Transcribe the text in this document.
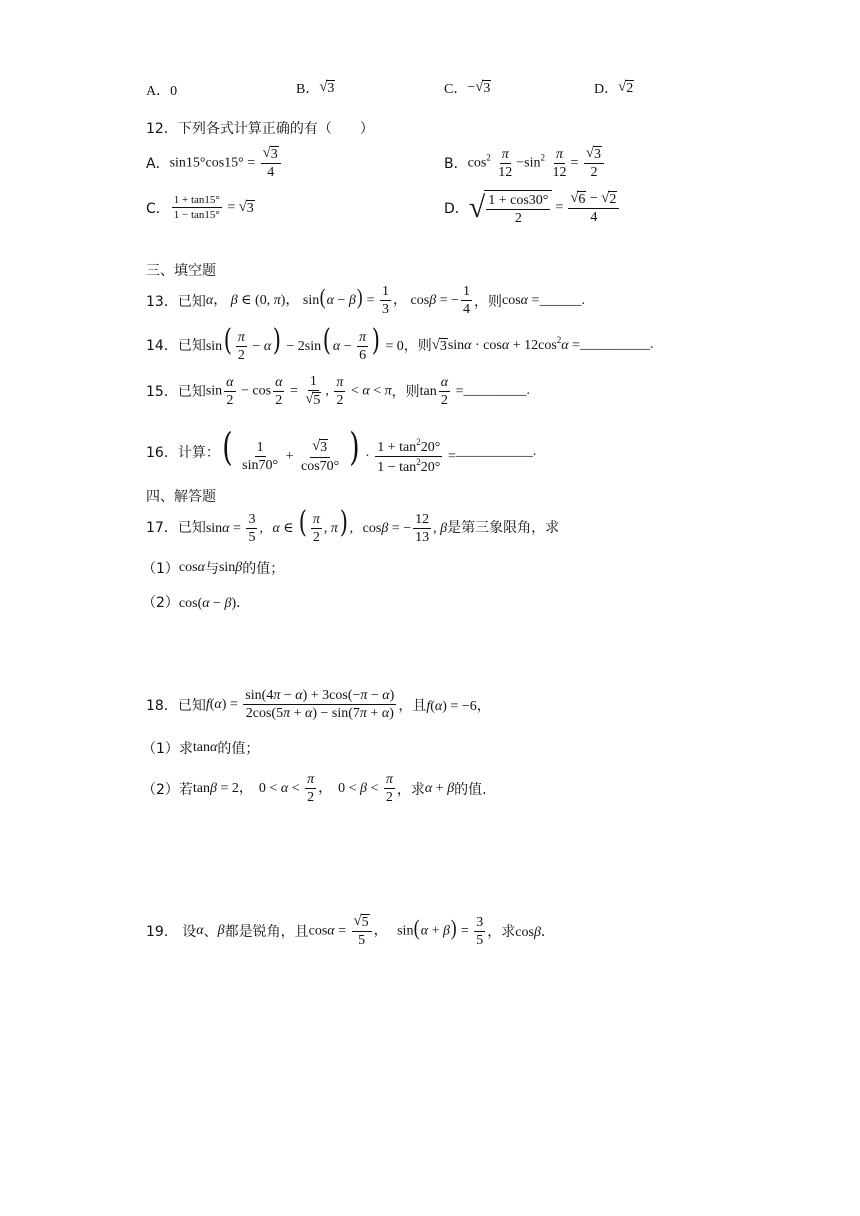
A．0	B． √ 3	C． − √ 3	D． √ 2
12．下列各式计算正确的有（　　）
A． $\sin 15^\circ\cos 15^\circ = \frac{√ 3}{4}$	B． $\cos^2 \frac{\pi}{12} -\sin^2 \frac{\pi}{12} = \frac{√ 3}{2}$
C． $\frac{1 + \tan 15^\circ}{1 - \tan 15^\circ}$ = √ 3	D． √ $\frac{1 + \cos 30^\circ}{2} = \frac{√ 6 - √ 2}{4}$
三、填空题
13．已知 α， β ∈ (0, π)， $\sin(\alpha - \beta) = \frac{1}{3}$ ， cosβ = − $\frac{1}{4}$ ，则 cosα = ______.
14．已知 $\sin( \frac{\pi}{2} - \alpha) - 2\sin$( $\alpha - \frac{\pi}{6}$ ) = 0 ，则 √ 3 $\sin\alpha \cdot \cos\alpha + 12\cos^2\alpha$ = __________.
15．已知 $\sin \frac{\alpha}{2} - \cos \frac{\alpha}{2} = \frac{1}{√ 5}$ , $\frac{\pi}{2} < \alpha < \pi$ ，则 $\tan \frac{\alpha}{2}$ = _________.
16．计算： ( $\frac{1}{\sin 70^\circ} + \frac{√ 3}{\cos 70^\circ}$ ) · $\frac{1 + \tan^220^\circ}{1 - \tan^220^\circ}$ = ___________.
四、解答题
17．已知 $\sin\alpha = \frac{3}{5}$ , α ∈ ( $\frac{\pi}{2}$ , π) , cosβ = − $\frac{12}{13}$ , β 是第三象限角，求
（1） cosα 与 sinβ 的值；
（2） cos(α − β)．
18．已知 $f(\alpha) = \frac{\sin(4\pi - \alpha) + 3\cos(-\pi - \alpha)}{2\cos(5\pi + \alpha) - \sin(7\pi + \alpha)}$ ，且 f(α) = −6，
（1）求 tanα 的值；
（2）若 tanβ = 2， $0 < \alpha < \frac{\pi}{2}$ ， $0 < \beta < \frac{\pi}{2}$ ，求 α + β 的值.
19． 设 α 、 β 都是锐角，且 $\cos\alpha = \frac{√ 5}{5}$ ， $\sin(\alpha + \beta) = \frac{3}{5}$ ，求 cosβ．
